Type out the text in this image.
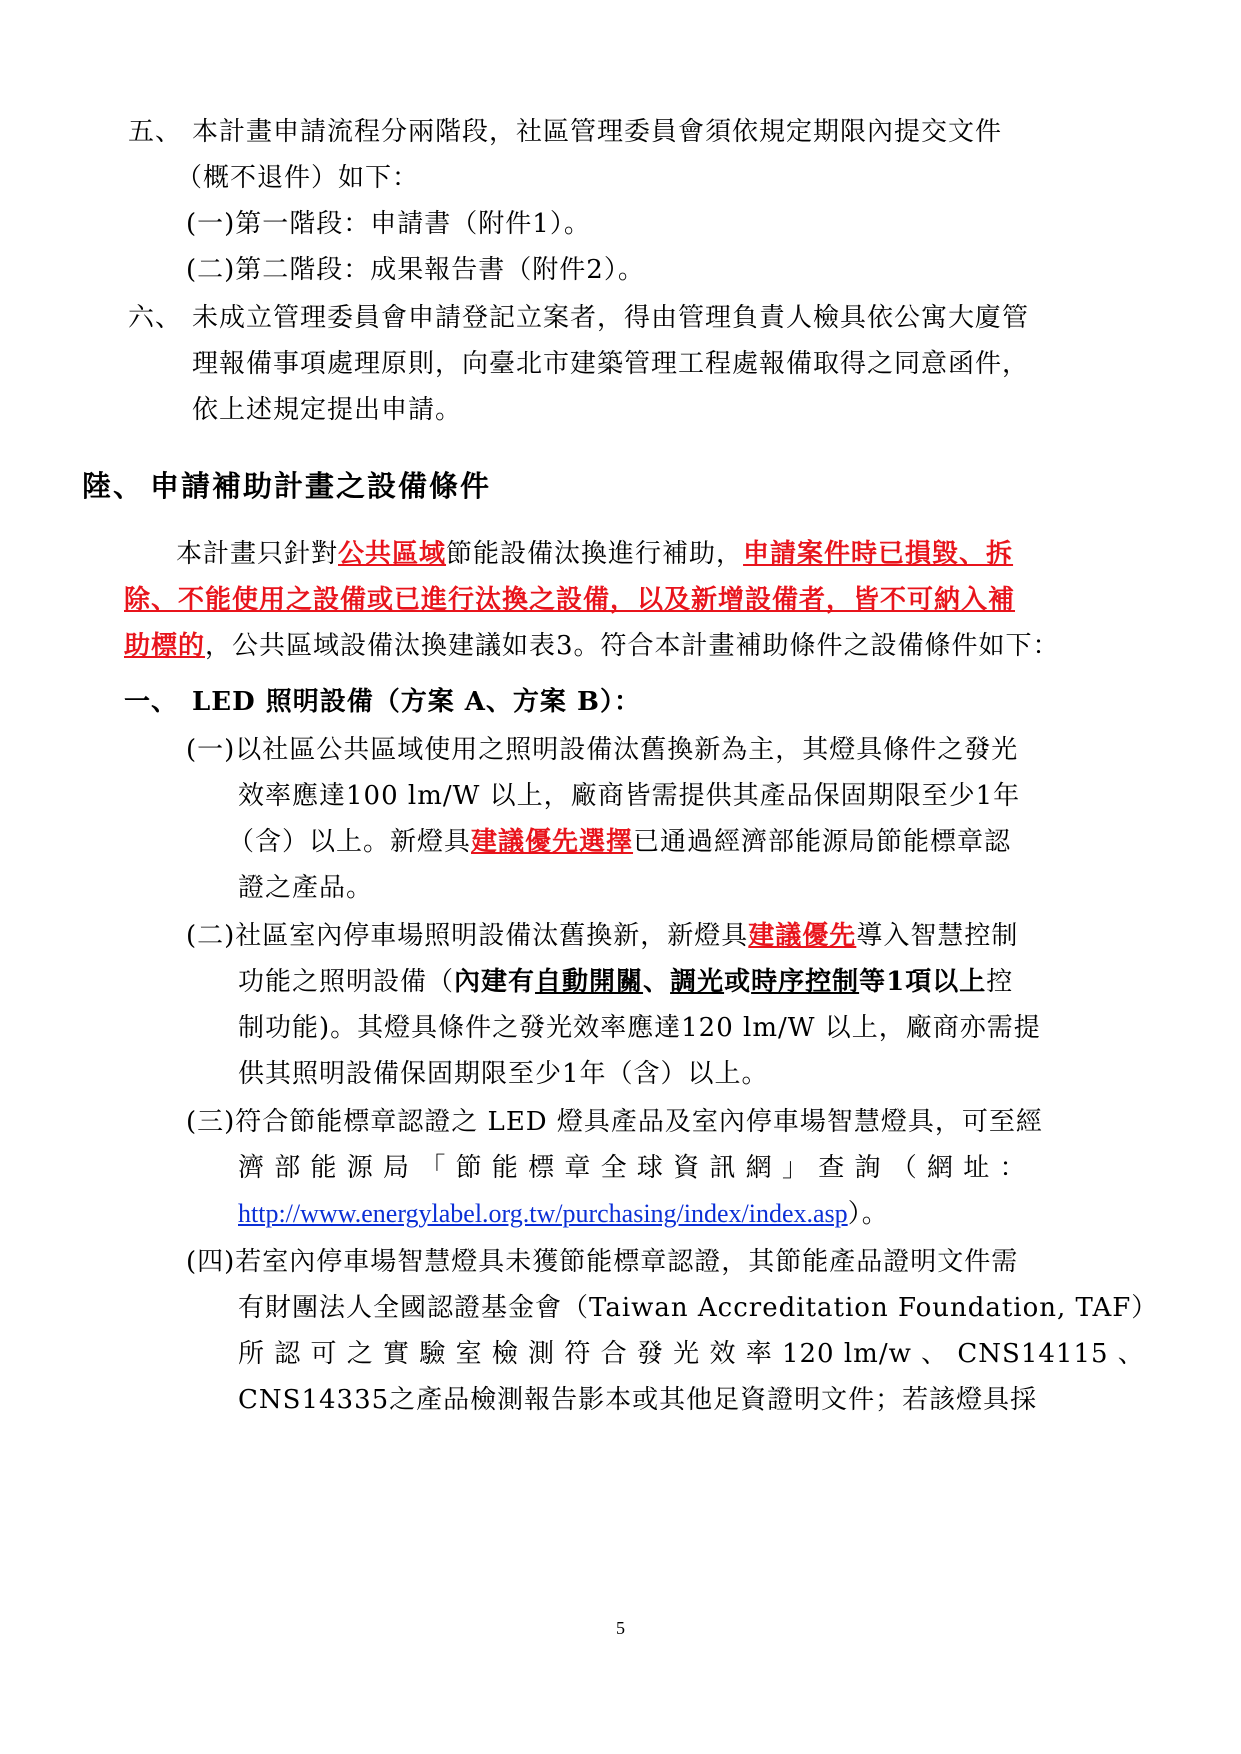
五、 本計畫申請流程分兩階段，社區管理委員會須依規定期限內提交文件
（概不退件）如下：
(一)第一階段：申請書（附件1）。
(二)第二階段：成果報告書（附件2）。
六、 未成立管理委員會申請登記立案者，得由管理負責人檢具依公寓大廈管
理報備事項處理原則，向臺北市建築管理工程處報備取得之同意函件，
依上述規定提出申請。
陸、 申請補助計畫之設備條件
本計畫只針對公共區域節能設備汰換進行補助，申請案件時已損毀、拆
除、不能使用之設備或已進行汰換之設備，以及新增設備者，皆不可納入補
助標的，公共區域設備汰換建議如表3。符合本計畫補助條件之設備條件如下：
一、 LED 照明設備（方案 A、方案 B）：
(一)以社區公共區域使用之照明設備汰舊換新為主，其燈具條件之發光
效率應達100 lm/W 以上，廠商皆需提供其產品保固期限至少1年
（含）以上。新燈具建議優先選擇已通過經濟部能源局節能標章認
證之產品。
(二)社區室內停車場照明設備汰舊換新，新燈具建議優先導入智慧控制
功能之照明設備（內建有自動開關、調光或時序控制等1項以上控
制功能)。其燈具條件之發光效率應達120 lm/W 以上，廠商亦需提
供其照明設備保固期限至少1年（含）以上。
(三)符合節能標章認證之 LED 燈具產品及室內停車場智慧燈具，可至經
濟 部 能 源 局 「 節 能 標 章 全 球 資 訊 網 」 查 詢 （ 網 址 ：
http://www.energylabel.org.tw/purchasing/index/index.asp）。
(四)若室內停車場智慧燈具未獲節能標章認證，其節能產品證明文件需
有財團法人全國認證基金會（Taiwan Accreditation Foundation, TAF）
所 認 可 之 實 驗 室 檢 測 符 合 發 光 效 率 120 lm/w 、 CNS14115 、
CNS14335之產品檢測報告影本或其他足資證明文件；若該燈具採
5
